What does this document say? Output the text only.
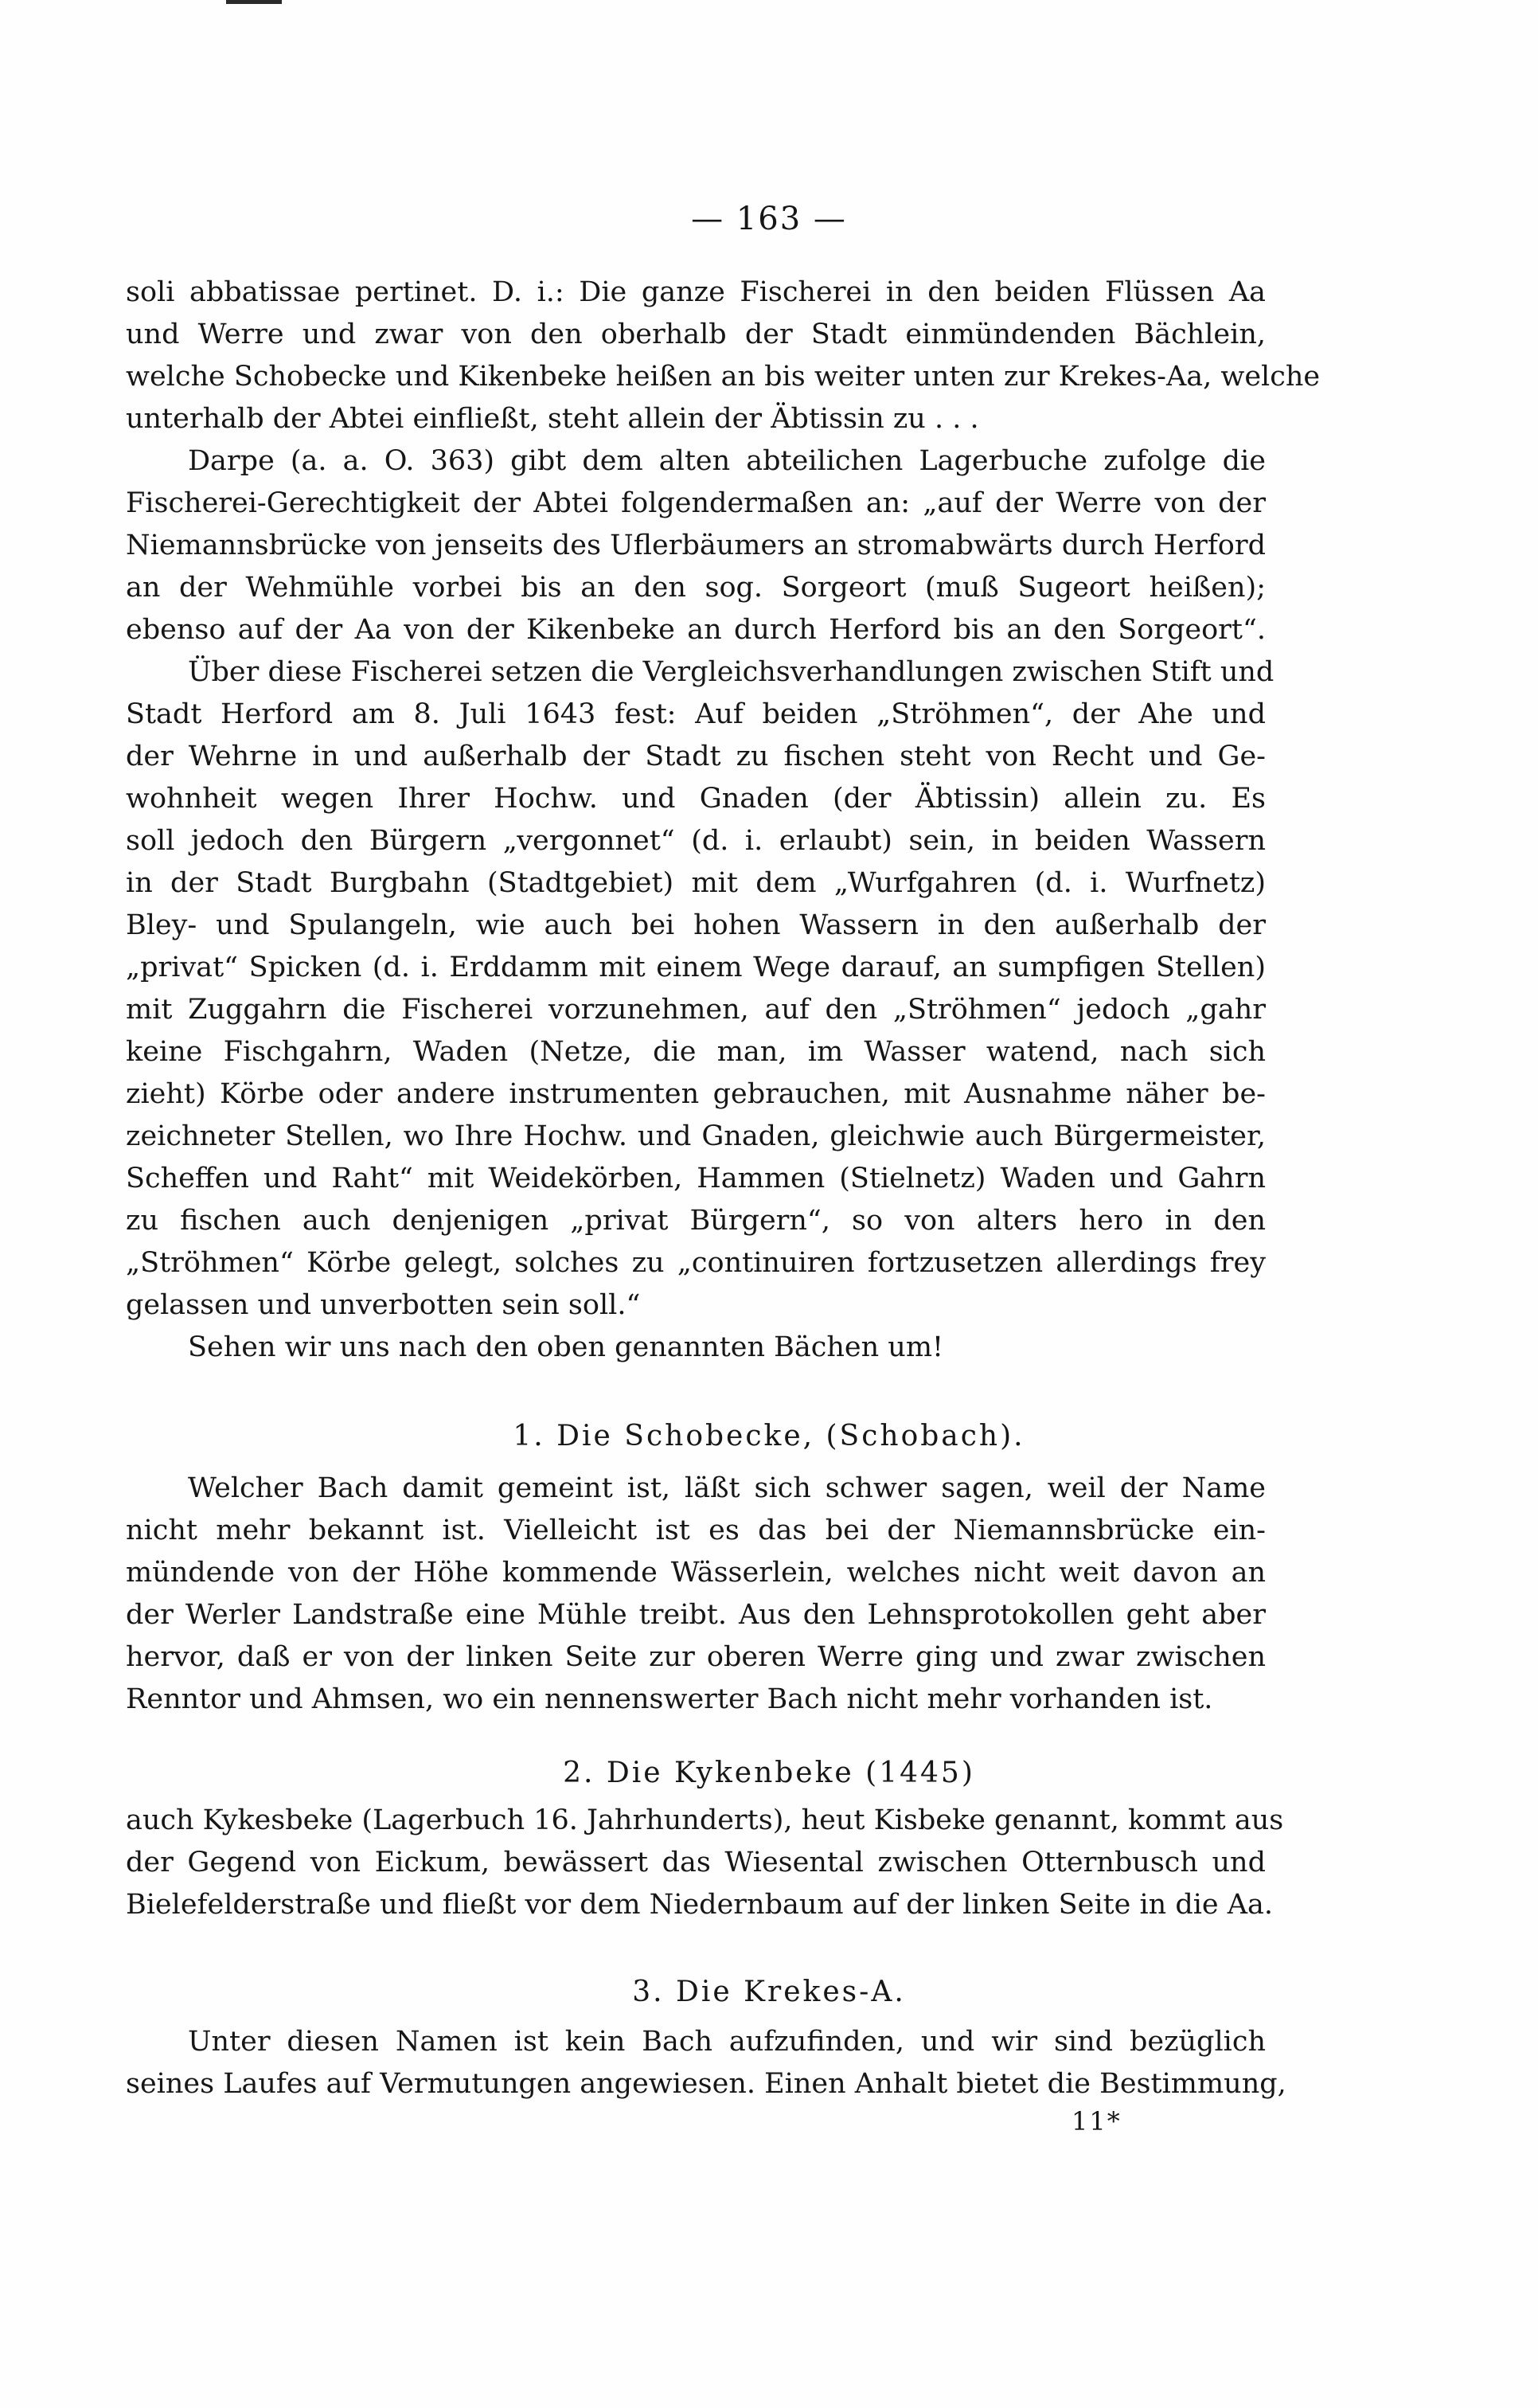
— 163 —
soli abbatissae pertinet. D. i.: Die ganze Fischerei in den beiden Flüssen Aa
und Werre und zwar von den oberhalb der Stadt einmündenden Bächlein,
welche Schobecke und Kikenbeke heißen an bis weiter unten zur Krekes-Aa, welche
unterhalb der Abtei einfließt, steht allein der Äbtissin zu . . .
Darpe (a. a. O. 363) gibt dem alten abteilichen Lagerbuche zufolge die
Fischerei-Gerechtigkeit der Abtei folgendermaßen an: „auf der Werre von der
Niemannsbrücke von jenseits des Uflerbäumers an stromabwärts durch Herford
an der Wehmühle vorbei bis an den sog. Sorgeort (muß Sugeort heißen);
ebenso auf der Aa von der Kikenbeke an durch Herford bis an den Sorgeort“.
Über diese Fischerei setzen die Vergleichsverhandlungen zwischen Stift und
Stadt Herford am 8. Juli 1643 fest: Auf beiden „Ströhmen“, der Ahe und
der Wehrne in und außerhalb der Stadt zu fischen steht von Recht und Ge-
wohnheit wegen Ihrer Hochw. und Gnaden (der Äbtissin) allein zu. Es
soll jedoch den Bürgern „vergonnet“ (d. i. erlaubt) sein, in beiden Wassern
in der Stadt Burgbahn (Stadtgebiet) mit dem „Wurfgahren (d. i. Wurfnetz)
Bley- und Spulangeln, wie auch bei hohen Wassern in den außerhalb der
„privat“ Spicken (d. i. Erddamm mit einem Wege darauf, an sumpfigen Stellen)
mit Zuggahrn die Fischerei vorzunehmen, auf den „Ströhmen“ jedoch „gahr
keine Fischgahrn, Waden (Netze, die man, im Wasser watend, nach sich
zieht) Körbe oder andere instrumenten gebrauchen, mit Ausnahme näher be-
zeichneter Stellen, wo Ihre Hochw. und Gnaden, gleichwie auch Bürgermeister,
Scheffen und Raht“ mit Weidekörben, Hammen (Stielnetz) Waden und Gahrn
zu fischen auch denjenigen „privat Bürgern“, so von alters hero in den
„Ströhmen“ Körbe gelegt, solches zu „continuiren fortzusetzen allerdings frey
gelassen und unverbotten sein soll.“
Sehen wir uns nach den oben genannten Bächen um!
1. Die Schobecke, (Schobach).
Welcher Bach damit gemeint ist, läßt sich schwer sagen, weil der Name
nicht mehr bekannt ist. Vielleicht ist es das bei der Niemannsbrücke ein-
mündende von der Höhe kommende Wässerlein, welches nicht weit davon an
der Werler Landstraße eine Mühle treibt. Aus den Lehnsprotokollen geht aber
hervor, daß er von der linken Seite zur oberen Werre ging und zwar zwischen
Renntor und Ahmsen, wo ein nennenswerter Bach nicht mehr vorhanden ist.
2. Die Kykenbeke (1445)
auch Kykesbeke (Lagerbuch 16. Jahrhunderts), heut Kisbeke genannt, kommt aus
der Gegend von Eickum, bewässert das Wiesental zwischen Otternbusch und
Bielefelderstraße und fließt vor dem Niedernbaum auf der linken Seite in die Aa.
3. Die Krekes-A.
Unter diesen Namen ist kein Bach aufzufinden, und wir sind bezüglich
seines Laufes auf Vermutungen angewiesen. Einen Anhalt bietet die Bestimmung,
11*
